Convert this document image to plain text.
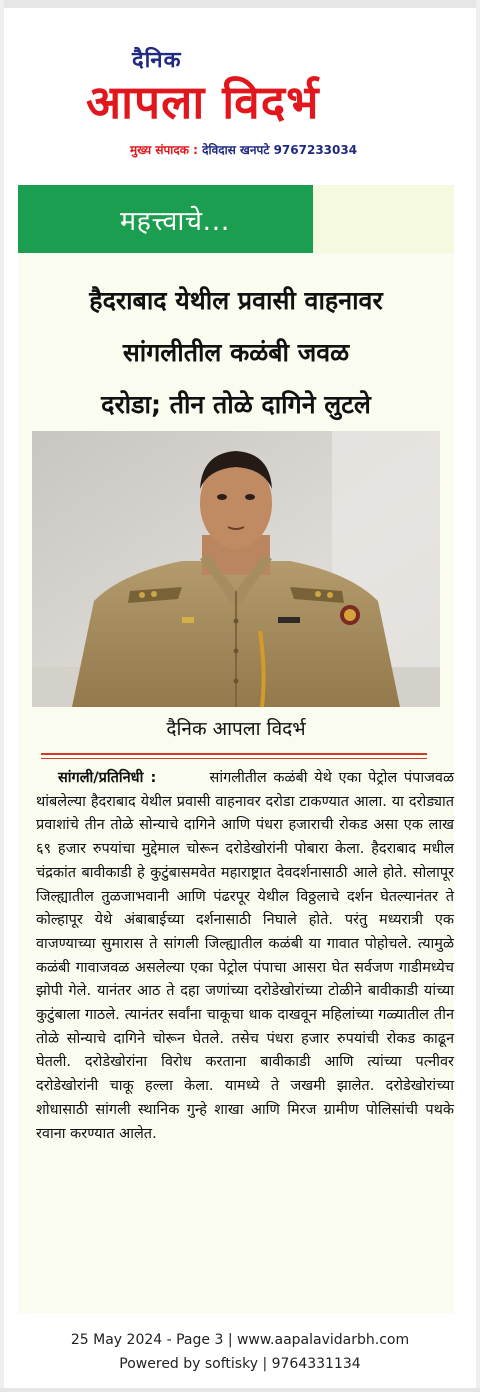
दैनिक
आपला विदर्भ
मुख्य संपादक : देविदास खनपटे 9767233034
महत्त्वाचे...
हैदराबाद येथील प्रवासी वाहनावर
सांगलीतील कळंबी जवळ
दरोडा; तीन तोळे दागिने लुटले
दैनिक आपला विदर्भ

सांगली/प्रतिनिधी :	सांगलीतील कळंबी येथे एका पेट्रोल पंपाजवळ थांबलेल्या हैदराबाद येथील प्रवासी वाहनावर दरोडा टाकण्यात आला. या दरोड्यात प्रवाशांचे तीन तोळे सोन्याचे दागिने आणि पंधरा हजाराची रोकड असा एक लाख ६९ हजार रुपयांचा मुद्देमाल चोरून दरोडेखोरांनी पोबारा केला. हैदराबाद मधील चंद्रकांत बावीकाडी हे कुटुंबासमवेत महाराष्ट्रात देवदर्शनासाठी आले होते. सोलापूर जिल्ह्यातील तुळजाभवानी आणि पंढरपूर येथील विठ्ठलाचे दर्शन घेतल्यानंतर ते कोल्हापूर येथे अंबाबाईच्या दर्शनासाठी निघाले होते. परंतु मध्यरात्री एक वाजण्याच्या सुमारास ते सांगली जिल्ह्यातील कळंबी या गावात पोहोचले. त्यामुळे कळंबी गावाजवळ असलेल्या एका पेट्रोल पंपाचा आसरा घेत सर्वजण गाडीमध्येच झोपी गेले. यानंतर आठ ते दहा जणांच्या दरोडेखोरांच्या टोळीने बावीकाडी यांच्या कुटुंबाला गाठले. त्यानंतर सर्वांना चाकूचा धाक दाखवून महिलांच्या गळ्यातील तीन तोळे सोन्याचे दागिने चोरून घेतले. तसेच पंधरा हजार रुपयांची रोकड काढून घेतली. दरोडेखोरांना विरोध करताना बावीकाडी आणि त्यांच्या पत्नीवर दरोडेखोरांनी चाकू हल्ला केला. यामध्ये ते जखमी झालेत. दरोडेखोरांच्या शोधासाठी सांगली स्थानिक गुन्हे शाखा आणि मिरज ग्रामीण पोलिसांची पथके रवाना करण्यात आलेत.

25 May 2024 - Page 3 | www.aapalavidarbh.com
Powered by softisky | 9764331134
